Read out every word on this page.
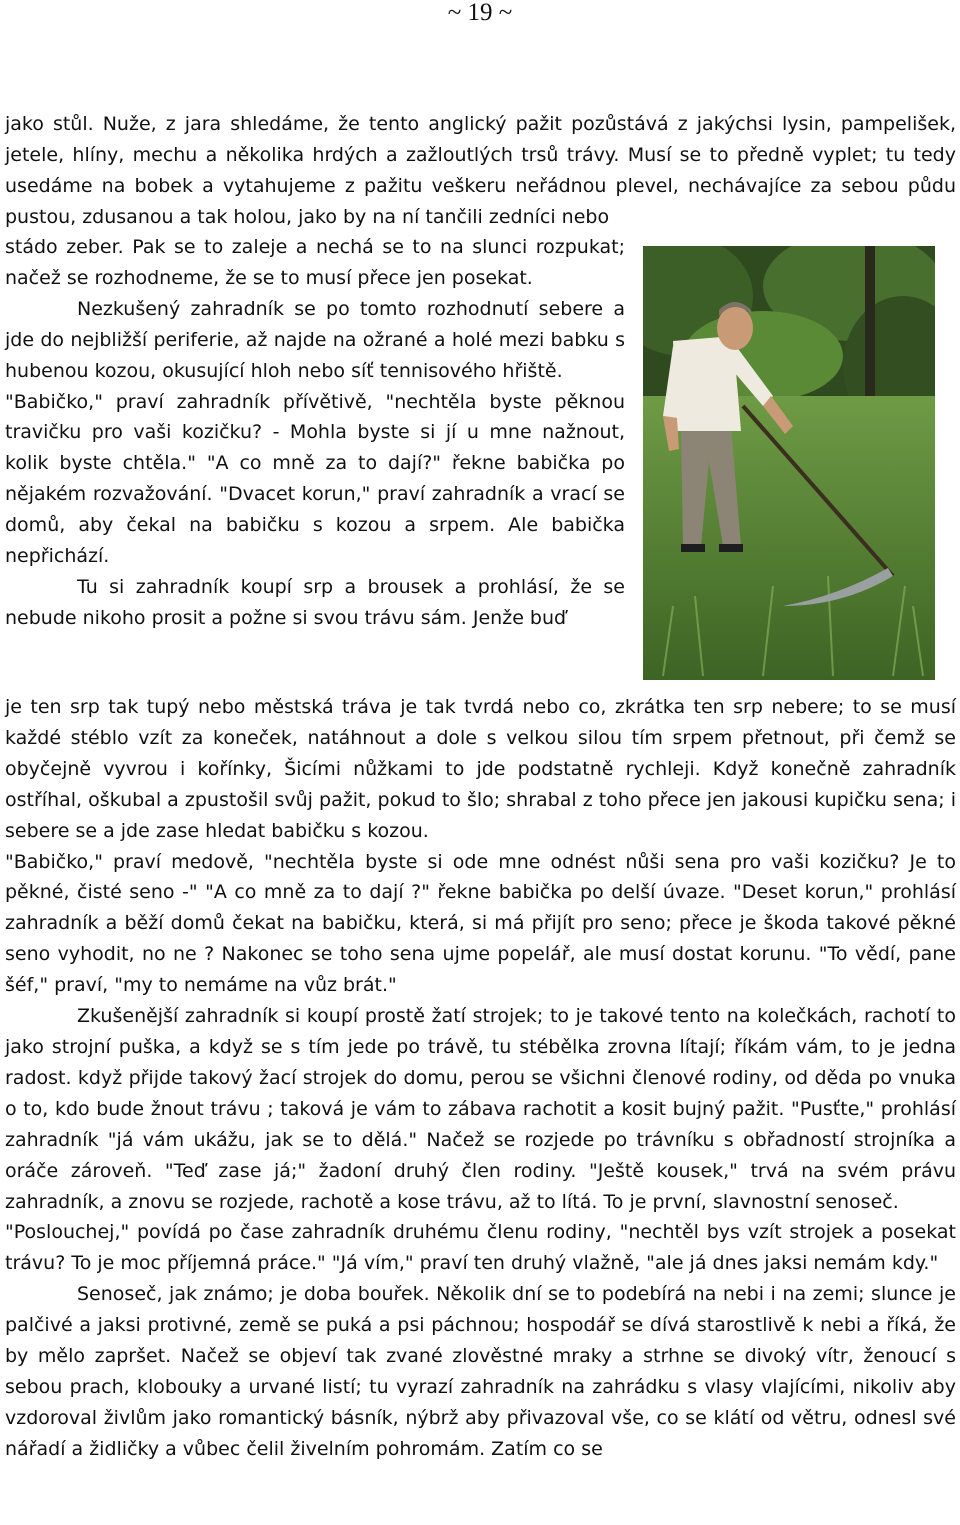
~ 19 ~

jako stůl. Nuže, z jara shledáme, že tento anglický pažit pozůstává z jakýchsi lysin, pampelišek, jetele, hlíny, mechu a několika hrdých a zažloutlých trsů trávy. Musí se to předně vyplet; tu tedy usedáme na bobek a vytahujeme z pažitu veškeru neřádnou plevel, nechávajíce za sebou půdu pustou, zdusanou a tak holou, jako by na ní tančili zedníci nebo

stádo zeber. Pak se to zaleje a nechá se to na slunci rozpukat; načež se rozhodneme, že se to musí přece jen posekat.

Nezkušený zahradník se po tomto rozhodnutí sebere a jde do nejbližší periferie, až najde na ožrané a holé mezi babku s hubenou kozou, okusující hloh nebo síť tennisového hřiště.

"Babičko," praví zahradník přívětivě, "nechtěla byste pěknou travičku pro vaši kozičku? - Mohla byste si jí u mne nažnout, kolik byste chtěla." "A co mně za to dají?" řekne babička po nějakém rozvažování. "Dvacet korun," praví zahradník a vrací se domů, aby čekal na babičku s kozou a srpem. Ale babička nepřichází.

Tu si zahradník koupí srp a brousek a prohlásí, že se nebude nikoho prosit a požne si svou trávu sám. Jenže buď

je ten srp tak tupý nebo městská tráva je tak tvrdá nebo co, zkrátka ten srp nebere; to se musí každé stéblo vzít za koneček, natáhnout a dole s velkou silou tím srpem přetnout, při čemž se obyčejně vyvrou i kořínky, Šicími nůžkami to jde podstatně rychleji. Když konečně zahradník ostříhal, oškubal a zpustošil svůj pažit, pokud to šlo; shrabal z toho přece jen jakousi kupičku sena; i sebere se a jde zase hledat babičku s kozou.

"Babičko," praví medově, "nechtěla byste si ode mne odnést nůši sena pro vaši kozičku? Je to pěkné, čisté seno -" "A co mně za to dají ?" řekne babička po delší úvaze. "Deset korun," prohlásí zahradník a běží domů čekat na babičku, která, si má přijít pro seno; přece je škoda takové pěkné seno vyhodit, no ne ? Nakonec se toho sena ujme popelář, ale musí dostat korunu. "To vědí, pane šéf," praví, "my to nemáme na vůz brát."

Zkušenější zahradník si koupí prostě žatí strojek; to je takové tento na kolečkách, rachotí to jako strojní puška, a když se s tím jede po trávě, tu stébělka zrovna lítají; říkám vám, to je jedna radost. když přijde takový žací strojek do domu, perou se všichni členové rodiny, od děda po vnuka o to, kdo bude žnout trávu ; taková je vám to zábava rachotit a kosit bujný pažit. "Pusťte," prohlásí zahradník "já vám ukážu, jak se to dělá." Načež se rozjede po trávníku s obřadností strojníka a oráče zároveň. "Teď zase já;" žadoní druhý člen rodiny. "Ještě kousek," trvá na svém právu zahradník, a znovu se rozjede, rachotě a kose trávu, až to lítá. To je první, slavnostní senoseč.

"Poslouchej," povídá po čase zahradník druhému členu rodiny, "nechtěl bys vzít strojek a posekat trávu? To je moc příjemná práce." "Já vím," praví ten druhý vlažně, "ale já dnes jaksi nemám kdy."

Senoseč, jak známo; je doba bouřek. Několik dní se to podebírá na nebi i na zemi; slunce je palčivé a jaksi protivné, země se puká a psi páchnou; hospodář se dívá starostlivě k nebi a říká, že by mělo zapršet. Načež se objeví tak zvané zlověstné mraky a strhne se divoký vítr, ženoucí s sebou prach, klobouky a urvané listí; tu vyrazí zahradník na zahrádku s vlasy vlajícími, nikoliv aby vzdoroval živlům jako romantický básník, nýbrž aby přivazoval vše, co se klátí od větru, odnesl své nářadí a židličky a vůbec čelil živelním pohromám. Zatím co se
